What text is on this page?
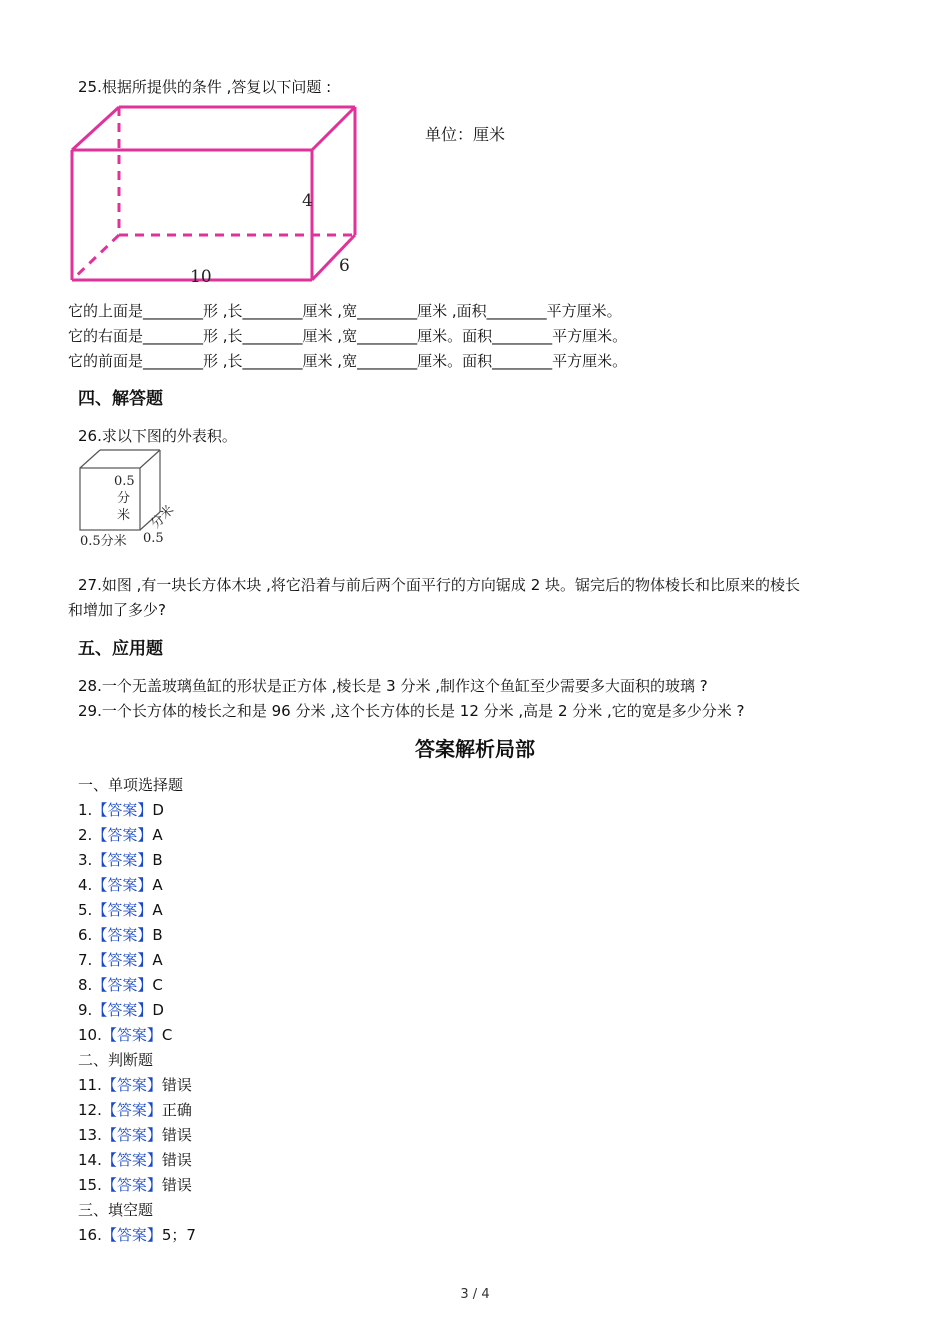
25.根据所提供的条件 ,答复以下问题 :
4
10
6
单位：厘米
它的上面是________形 ,长________厘米 ,宽________厘米 ,面积________平方厘米。
它的右面是________形 ,长________厘米 ,宽________厘米。面积________平方厘米。
它的前面是________形 ,长________厘米 ,宽________厘米。面积________平方厘米。
四、解答题
26.求以下图的外表积。
0.5
分
米
0.5分米 0.5
分米
27.如图 ,有一块长方体木块 ,将它沿着与前后两个面平行的方向锯成 2 块。锯完后的物体棱长和比原来的棱长
和增加了多少?
五、应用题
28.一个无盖玻璃鱼缸的形状是正方体 ,棱长是 3 分米 ,制作这个鱼缸至少需要多大面积的玻璃 ?
29.一个长方体的棱长之和是 96 分米 ,这个长方体的长是 12 分米 ,高是 2 分米 ,它的宽是多少分米 ?
答案解析局部
一、单项选择题
1.【答案】D
2.【答案】A
3.【答案】B
4.【答案】A
5.【答案】A
6.【答案】B
7.【答案】A
8.【答案】C
9.【答案】D
10.【答案】C
二、判断题
11.【答案】错误
12.【答案】正确
13.【答案】错误
14.【答案】错误
15.【答案】错误
三、填空题
16.【答案】5；7
3 / 4
